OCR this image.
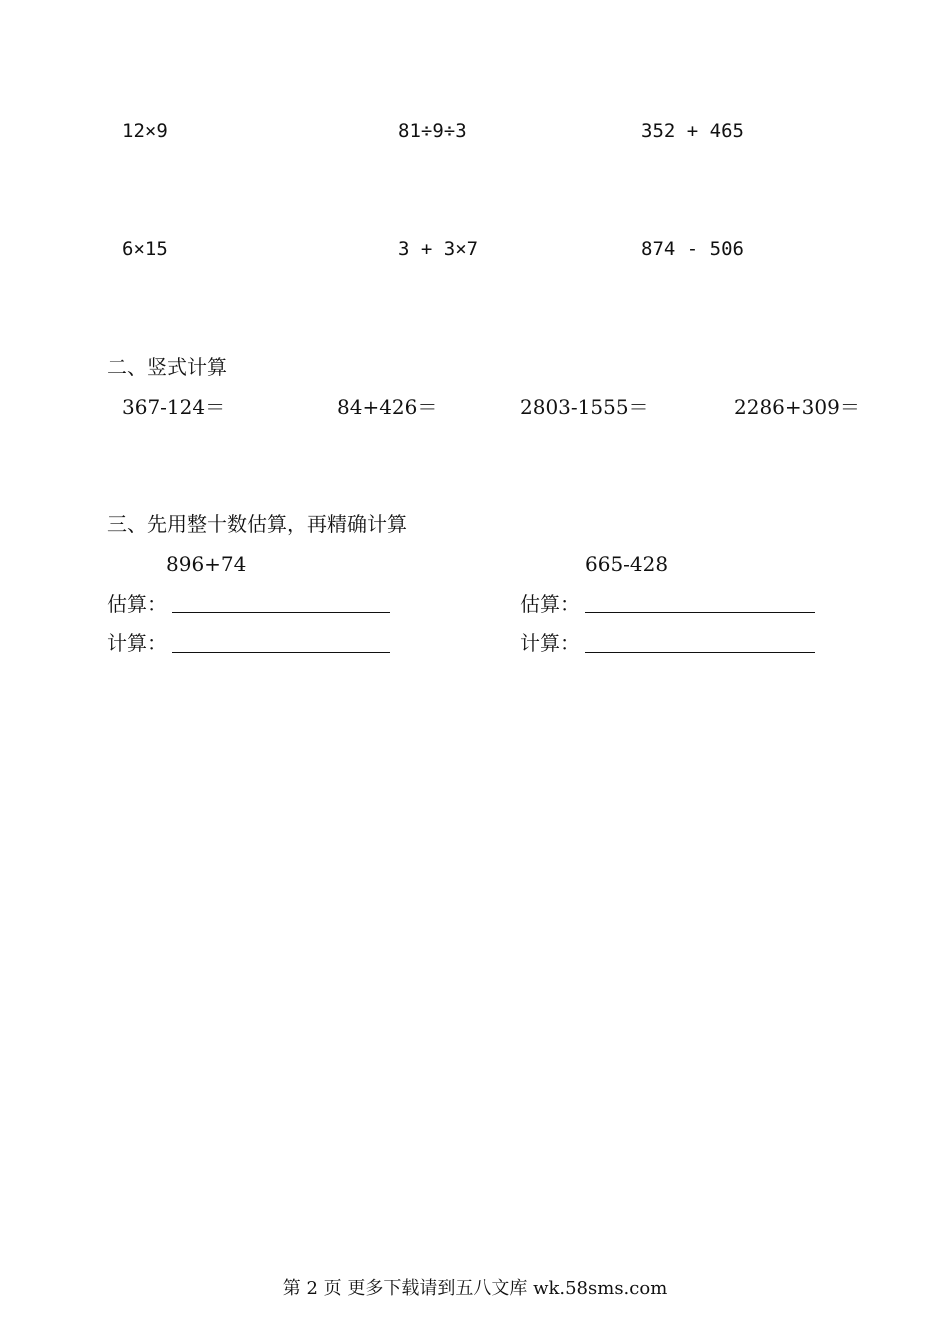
12×9	81÷9÷3	352 + 465
6×15	3 + 3×7	874 - 506
二、竖式计算
367-124＝	84+426＝	2803-1555＝	2286+309＝
三、先用整十数估算，再精确计算
896+74	665-428
估算：	估算：
计算：	计算：
第 2 页 更多下载请到五八文库 wk.58sms.com
